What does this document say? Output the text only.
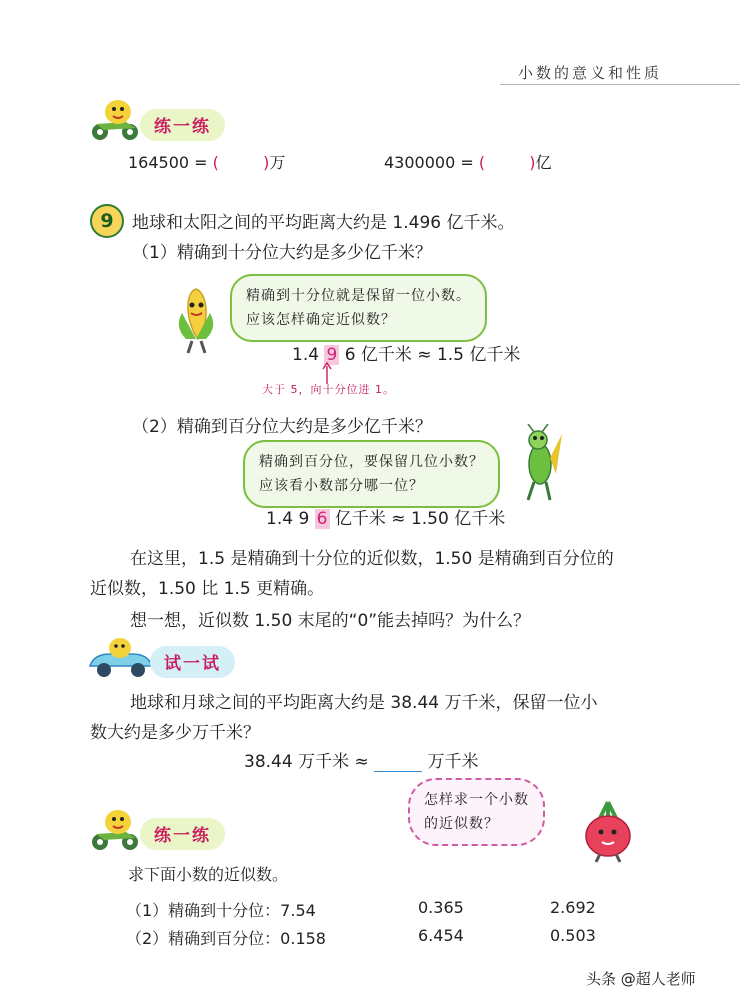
小数的意义和性质
练一练
164500 = (	)万	4300000 = (	)亿
9	地球和太阳之间的平均距离大约是 1.496 亿千米。
（1）精确到十分位大约是多少亿千米？
精确到十分位就是保留一位小数。
应该怎样确定近似数？
1.4 9 6 亿千米 ≈ 1.5 亿千米
大于 5，向十分位进 1。
（2）精确到百分位大约是多少亿千米？
精确到百分位，要保留几位小数？
应该看小数部分哪一位？
1.4 9 6 亿千米 ≈ 1.50 亿千米
在这里，1.5 是精确到十分位的近似数，1.50 是精确到百分位的
近似数，1.50 比 1.5 更精确。
想一想，近似数 1.50 末尾的“0”能去掉吗？为什么？
试一试
地球和月球之间的平均距离大约是 38.44 万千米，保留一位小
数大约是多少万千米？
38.44 万千米 ≈	万千米
怎样求一个小数
的近似数？
练一练
求下面小数的近似数。
（1）精确到十分位：7.54	0.365	2.692
（2）精确到百分位：0.158	6.454	0.503
头条 @超人老师
